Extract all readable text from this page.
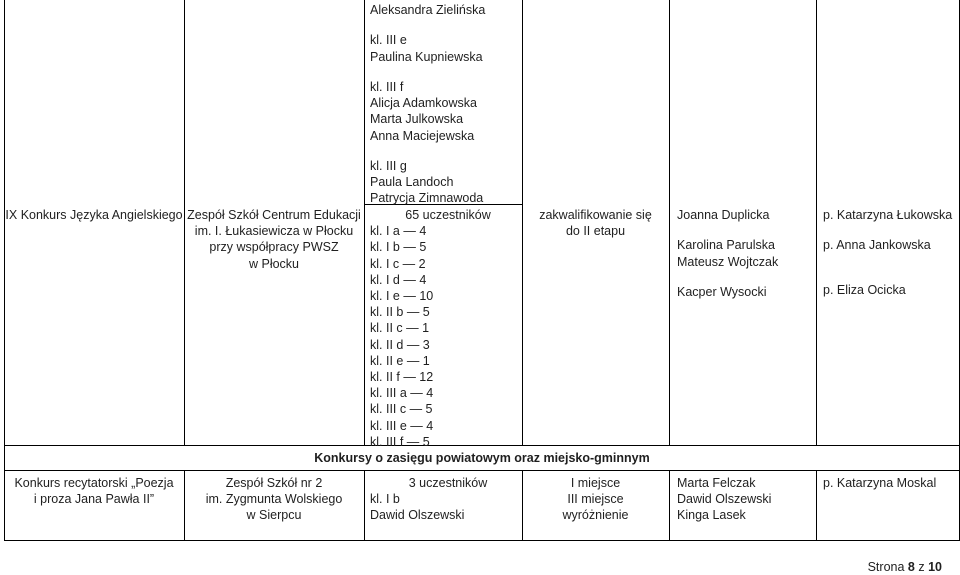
Aleksandra Zielińska
kl. III e
Paulina Kupniewska
kl. III f
Alicja Adamkowska
Marta Julkowska
Anna Maciejewska
kl. III g
Paula Landoch
Patrycja Zimnawoda
IX Konkurs Języka Angielskiego Zespół Szkół Centrum Edukacji
im. I. Łukasiewicza w Płocku
przy współpracy PWSZ
w Płocku
65 uczestników
kl. I a — 4
kl. I b — 5
kl. I c — 2
kl. I d — 4
kl. I e — 10
kl. II b — 5
kl. II c — 1
kl. II d — 3
kl. II e — 1
kl. II f — 12
kl. III a — 4
kl. III c — 5
kl. III e — 4
kl. III f — 5
zakwalifikowanie się
do II etapu
Joanna Duplicka
Karolina Parulska
Mateusz Wojtczak
Kacper Wysocki
p. Katarzyna Łukowska
p. Anna Jankowska
p. Eliza Ocicka
Konkursy o zasięgu powiatowym oraz miejsko-gminnym
Konkurs recytatorski „Poezja
i proza Jana Pawła II”
Zespół Szkół nr 2
im. Zygmunta Wolskiego
w Sierpcu
3 uczestników
kl. I b
Dawid Olszewski
I miejsce
III miejsce
wyróżnienie
Marta Felczak
Dawid Olszewski
Kinga Lasek
p. Katarzyna Moskal
Strona 8 z 10
